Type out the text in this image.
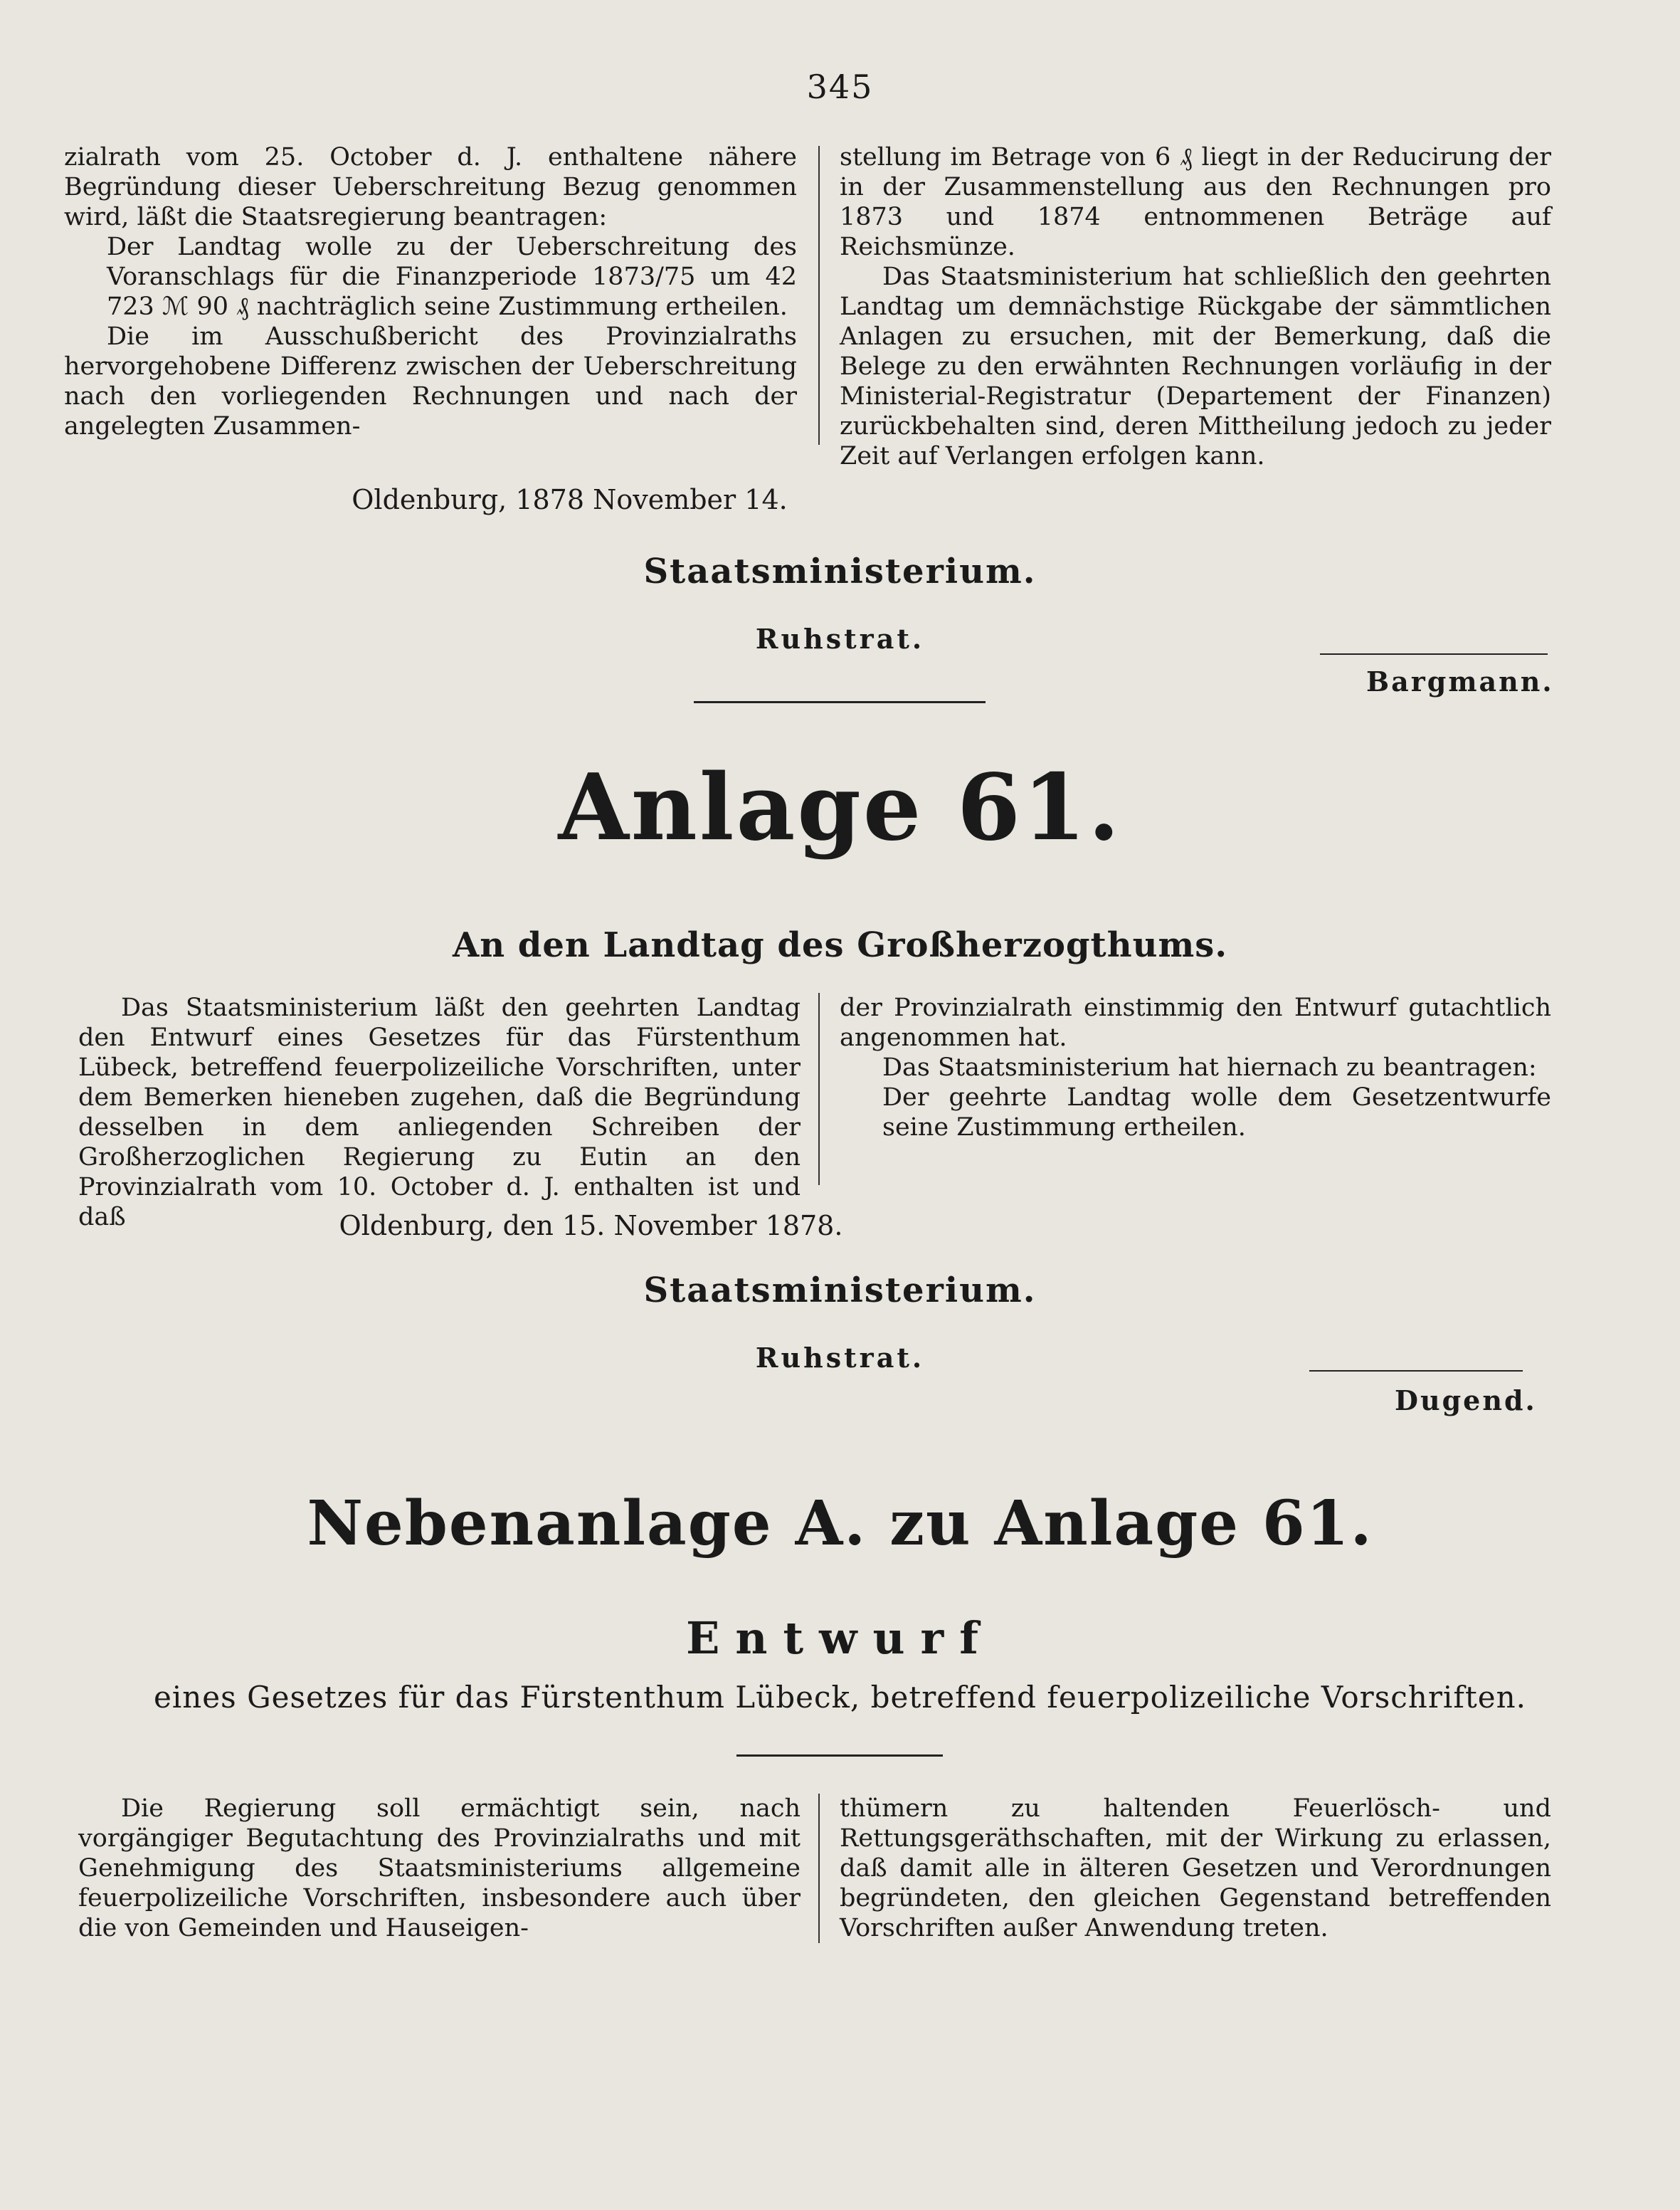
345

zialrath vom 25. October d. J. enthaltene nähere Begründung dieser Ueberschreitung Bezug genommen wird, läßt die Staatsregierung beantragen:

Der Landtag wolle zu der Ueberschreitung des Voranschlags für die Finanzperiode 1873/75 um 42 723 ℳ 90 ₰ nachträglich seine Zustimmung ertheilen.

Die im Ausschußbericht des Provinzialraths hervorgehobene Differenz zwischen der Ueberschreitung nach den vorliegenden Rechnungen und nach der angelegten Zusammen-

stellung im Betrage von 6 ₰ liegt in der Reducirung der in der Zusammenstellung aus den Rechnungen pro 1873 und 1874 entnommenen Beträge auf Reichsmünze.

Das Staatsministerium hat schließlich den geehrten Landtag um demnächstige Rückgabe der sämmtlichen Anlagen zu ersuchen, mit der Bemerkung, daß die Belege zu den erwähnten Rechnungen vorläufig in der Ministerial-Registratur (Departement der Finanzen) zurückbehalten sind, deren Mittheilung jedoch zu jeder Zeit auf Verlangen erfolgen kann.

Oldenburg, 1878 November 14.
Staatsministerium.
Ruhstrat.
Bargmann.
Anlage 61.
An den Landtag des Großherzogthums.

Das Staatsministerium läßt den geehrten Landtag den Entwurf eines Gesetzes für das Fürstenthum Lübeck, betreffend feuerpolizeiliche Vorschriften, unter dem Bemerken hieneben zugehen, daß die Begründung desselben in dem anliegenden Schreiben der Großherzoglichen Regierung zu Eutin an den Provinzialrath vom 10. October d. J. enthalten ist und daß

der Provinzialrath einstimmig den Entwurf gutachtlich angenommen hat.

Das Staatsministerium hat hiernach zu beantragen:

Der geehrte Landtag wolle dem Gesetzentwurfe seine Zustimmung ertheilen.

Oldenburg, den 15. November 1878.
Staatsministerium.
Ruhstrat.
Dugend.
Nebenanlage A. zu Anlage 61.
Entwurf
eines Gesetzes für das Fürstenthum Lübeck, betreffend feuerpolizeiliche Vorschriften.

Die Regierung soll ermächtigt sein, nach vorgängiger Begutachtung des Provinzialraths und mit Genehmigung des Staatsministeriums allgemeine feuerpolizeiliche Vorschriften, insbesondere auch über die von Gemeinden und Hauseigen-

thümern zu haltenden Feuerlösch- und Rettungsgeräthschaften, mit der Wirkung zu erlassen, daß damit alle in älteren Gesetzen und Verordnungen begründeten, den gleichen Gegenstand betreffenden Vorschriften außer Anwendung treten.
